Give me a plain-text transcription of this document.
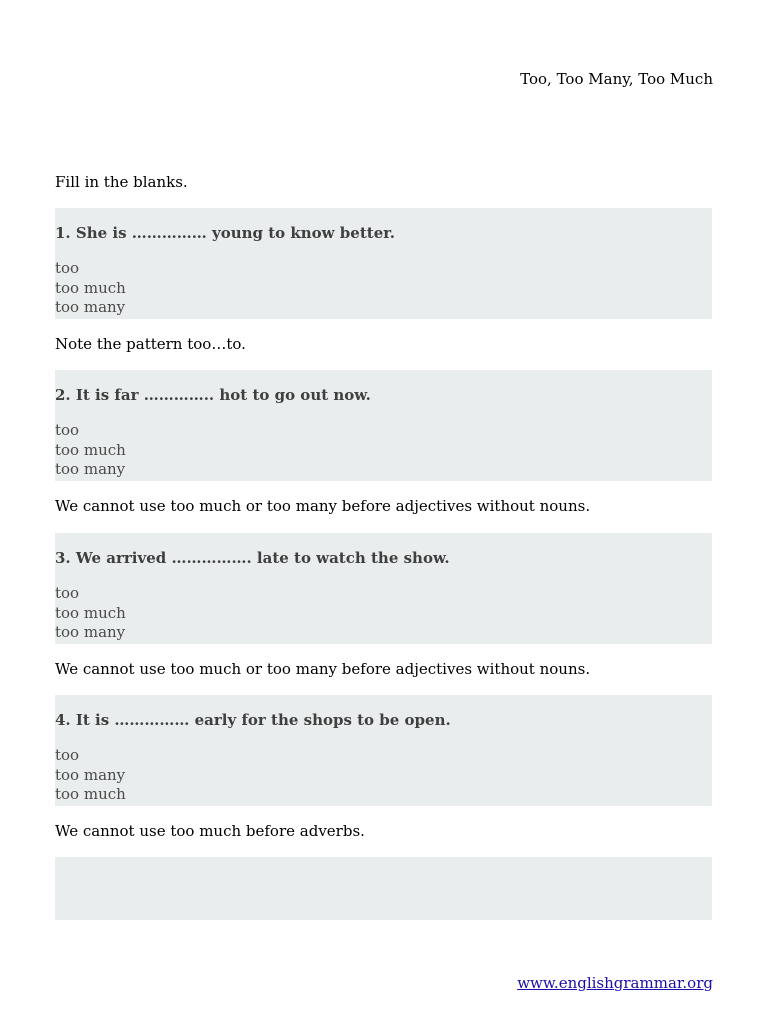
Too, Too Many, Too Much

Fill in the blanks.

1. She is …………… young to know better.

too
too much
too many

Note the pattern too…to.

2. It is far ………….. hot to go out now.

too
too much
too many

We cannot use too much or too many before adjectives without nouns.

3. We arrived ……………. late to watch the show.

too
too much
too many

We cannot use too much or too many before adjectives without nouns.

4. It is …………… early for the shops to be open.

too
too many
too much

We cannot use too much before adverbs.

www.englishgrammar.org
